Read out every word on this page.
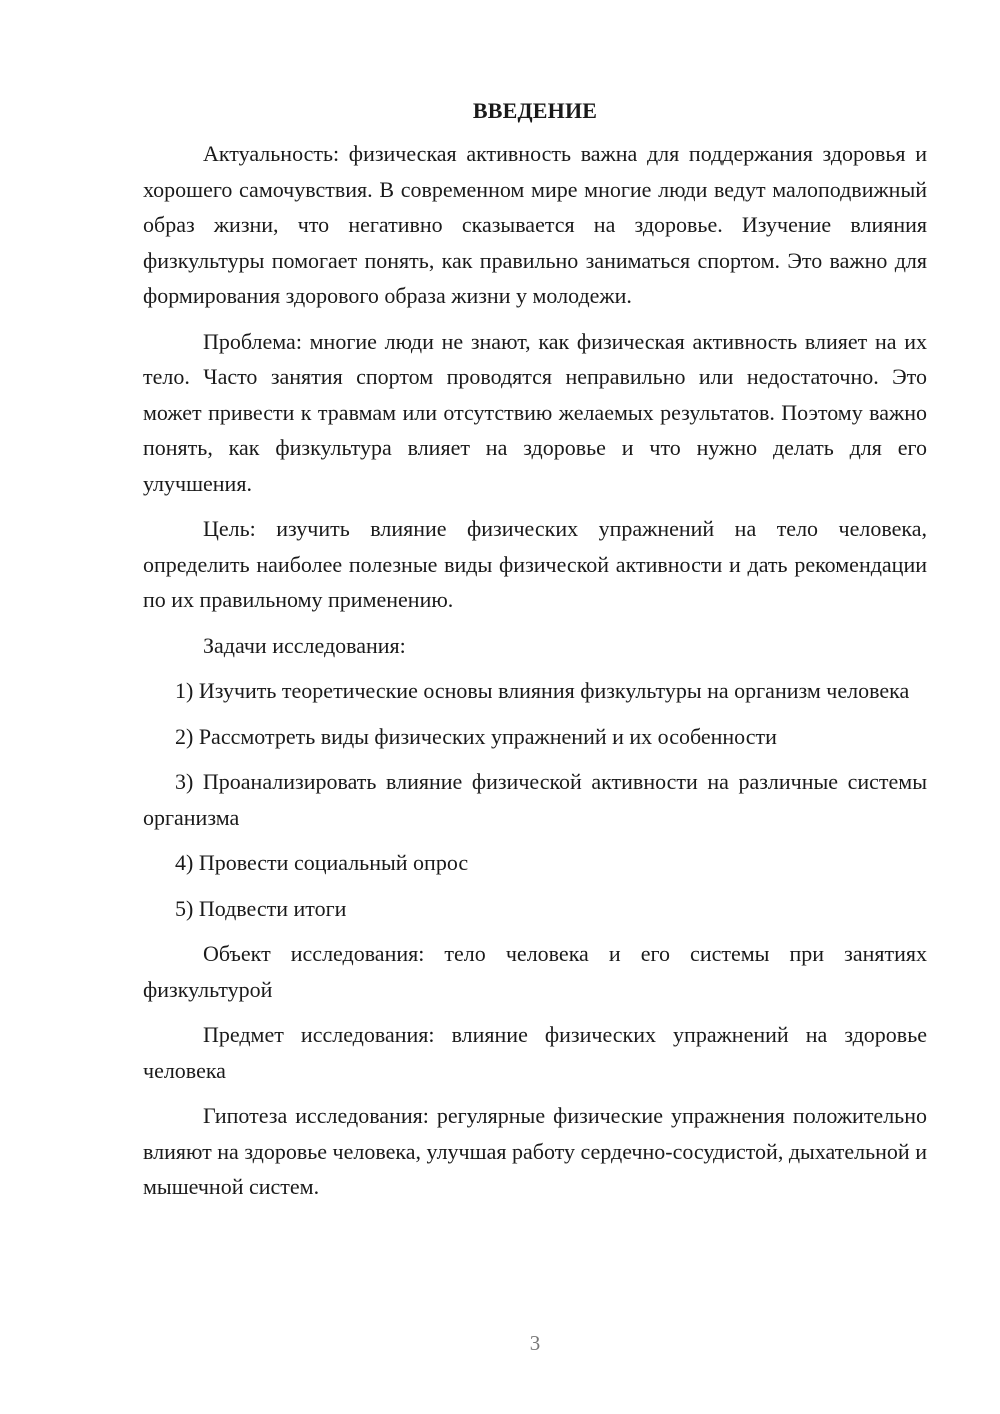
ВВЕДЕНИЕ

Актуальность: физическая активность важна для поддержания здоровья и хорошего самочувствия. В современном мире многие люди ведут малоподвижный образ жизни, что негативно сказывается на здоровье. Изучение влияния физкультуры помогает понять, как правильно заниматься спортом. Это важно для формирования здорового образа жизни у молодежи.

Проблема: многие люди не знают, как физическая активность влияет на их тело. Часто занятия спортом проводятся неправильно или недостаточно. Это может привести к травмам или отсутствию желаемых результатов. Поэтому важно понять, как физкультура влияет на здоровье и что нужно делать для его улучшения.

Цель: изучить влияние физических упражнений на тело человека, определить наиболее полезные виды физической активности и дать рекомендации по их правильному применению.

Задачи исследования:

1) Изучить теоретические основы влияния физкультуры на организм человека

2) Рассмотреть виды физических упражнений и их особенности

3) Проанализировать влияние физической активности на различные системы организма

4) Провести социальный опрос

5) Подвести итоги

Объект исследования: тело человека и его системы при занятиях физкультурой

Предмет исследования: влияние физических упражнений на здоровье человека

Гипотеза исследования: регулярные физические упражнения положительно влияют на здоровье человека, улучшая работу сердечно-сосудистой, дыхательной и мышечной систем.

3
